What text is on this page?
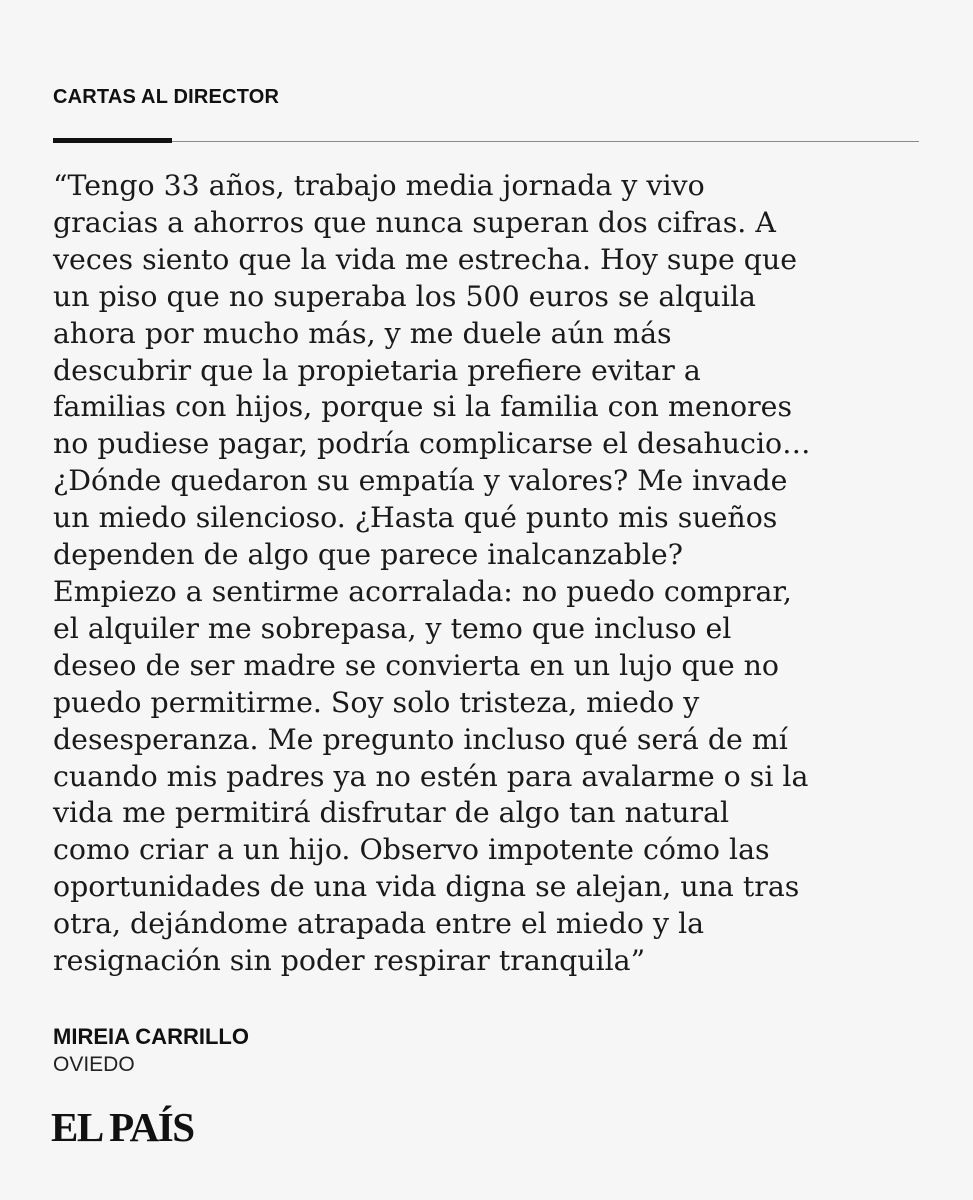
CARTAS AL DIRECTOR
“Tengo 33 años, trabajo media jornada y vivo
gracias a ahorros que nunca superan dos cifras. A
veces siento que la vida me estrecha. Hoy supe que
un piso que no superaba los 500 euros se alquila
ahora por mucho más, y me duele aún más
descubrir que la propietaria prefiere evitar a
familias con hijos, porque si la familia con menores
no pudiese pagar, podría complicarse el desahucio…
¿Dónde quedaron su empatía y valores? Me invade
un miedo silencioso. ¿Hasta qué punto mis sueños
dependen de algo que parece inalcanzable?
Empiezo a sentirme acorralada: no puedo comprar,
el alquiler me sobrepasa, y temo que incluso el
deseo de ser madre se convierta en un lujo que no
puedo permitirme. Soy solo tristeza, miedo y
desesperanza. Me pregunto incluso qué será de mí
cuando mis padres ya no estén para avalarme o si la
vida me permitirá disfrutar de algo tan natural
como criar a un hijo. Observo impotente cómo las
oportunidades de una vida digna se alejan, una tras
otra, dejándome atrapada entre el miedo y la
resignación sin poder respirar tranquila”
MIREIA CARRILLO
OVIEDO
EL PAÍS
